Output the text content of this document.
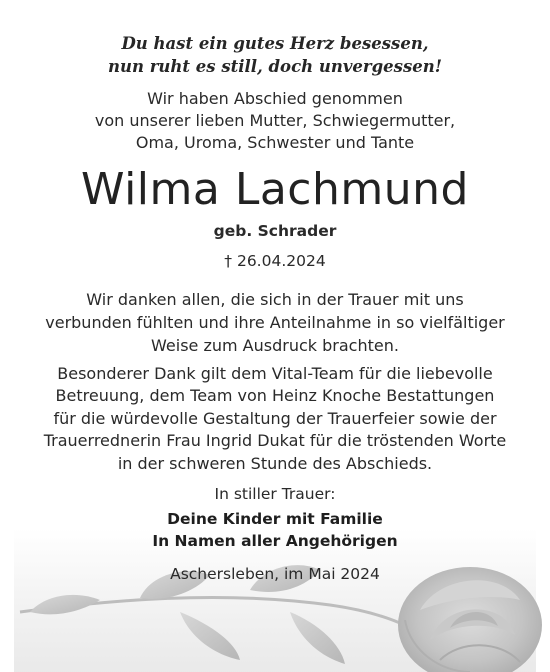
Du hast ein gutes Herz besessen,
nun ruht es still, doch unvergessen!
Wir haben Abschied genommen
von unserer lieben Mutter, Schwiegermutter,
Oma, Uroma, Schwester und Tante
Wilma Lachmund
geb. Schrader
† 26.04.2024
Wir danken allen, die sich in der Trauer mit uns
verbunden fühlten und ihre Anteilnahme in so vielfältiger
Weise zum Ausdruck brachten.
Besonderer Dank gilt dem Vital-Team für die liebevolle
Betreuung, dem Team von Heinz Knoche Bestattungen
für die würdevolle Gestaltung der Trauerfeier sowie der
Trauerrednerin Frau Ingrid Dukat für die tröstenden Worte
in der schweren Stunde des Abschieds.
In stiller Trauer:
Deine Kinder mit Familie
In Namen aller Angehörigen
Aschersleben, im Mai 2024
